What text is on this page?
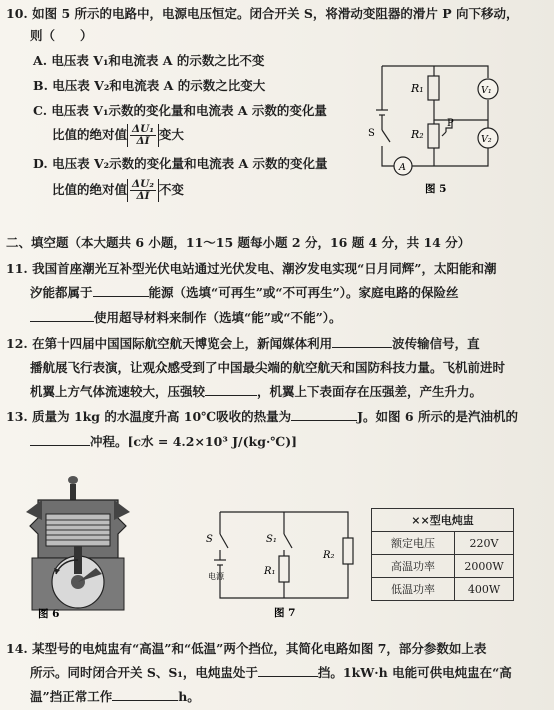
10. 如图 5 所示的电路中，电源电压恒定。闭合开关 S，将滑动变阻器的滑片 P 向下移动，
则（　　）
A. 电压表 V₁和电流表 A 的示数之比不变
B. 电压表 V₂和电流表 A 的示数之比变大
C. 电压表 V₁示数的变化量和电流表 A 示数的变化量
比值的绝对值 $\frac{\text{ΔU₁}}{\Delta I}$ 变大
D. 电压表 V₂示数的变化量和电流表 A 示数的变化量
比值的绝对值 $\frac{\text{ΔU₂}}{\Delta I}$ 不变
R₁
R₂
P
S
V₁
V₂
A
图 5
二、填空题（本大题共 6 小题，11～15 题每小题 2 分，16 题 4 分，共 14 分）
11. 我国首座潮光互补型光伏电站通过光伏发电、潮汐发电实现“日月同辉”，太阳能和潮
汐能都属于	能源（选填“可再生”或“不可再生”）。家庭电路的保险丝
使用超导材料来制作（选填“能”或“不能”）。
12. 在第十四届中国国际航空航天博览会上，新闻媒体利用	波传输信号，直
播航展飞行表演，让观众感受到了中国最尖端的航空航天和国防科技力量。飞机前进时
机翼上方气体流速较大，压强较	，机翼上下表面存在压强差，产生升力。
13. 质量为 1kg 的水温度升高 10℃吸收的热量为	J。如图 6 所示的是汽油机的
冲程。[c水 = 4.2×10³ J/(kg·℃)]
图 6
S	S₁
R₁
R₂
电源
图 7
××型电炖盅	
额定电压	220V
高温功率	2000W
低温功率	400W
14. 某型号的电炖盅有“高温”和“低温”两个挡位，其简化电路如图 7，部分参数如上表
所示。同时闭合开关 S、S₁，电炖盅处于	挡。1kW·h 电能可供电炖盅在“高
温”挡正常工作	h。
